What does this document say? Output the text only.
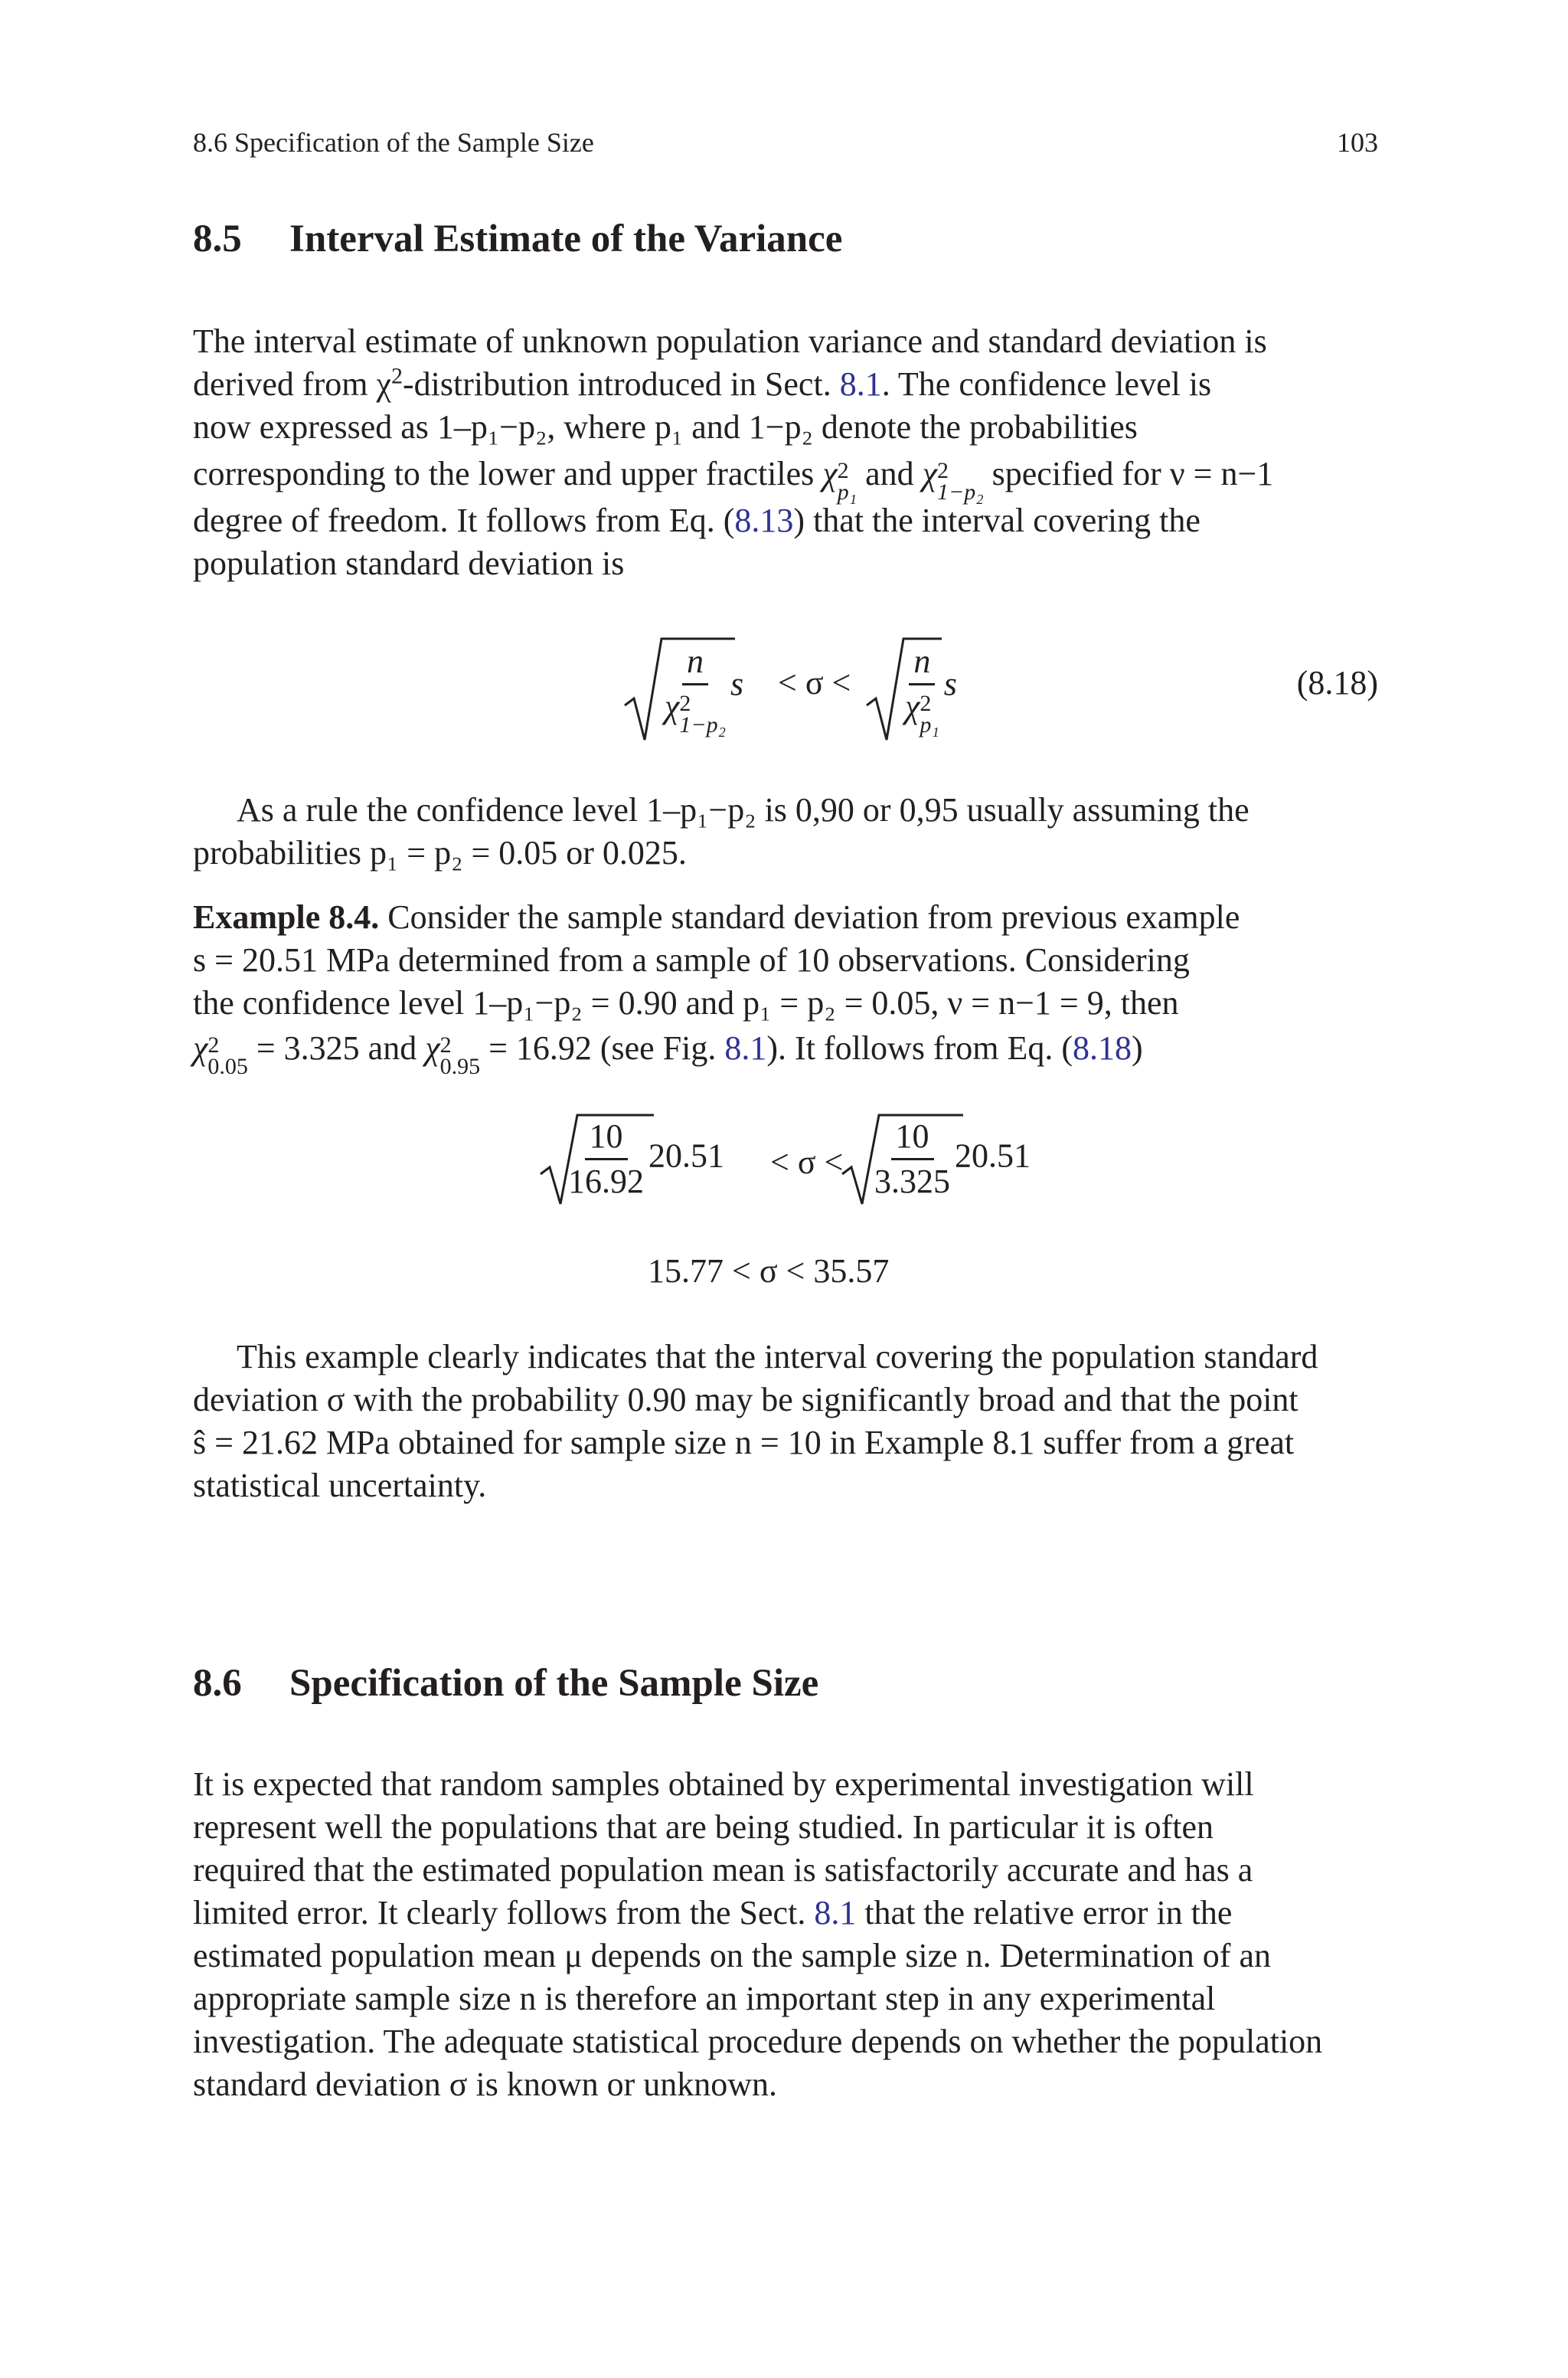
8.6 Specification of the Sample Size	103
8.5 Interval Estimate of the Variance
The interval estimate of unknown population variance and standard deviation is
derived from $\chi^2$-distribution introduced in Sect. 8.1. The confidence level is
now expressed as 1–p₁−p₂, where p₁ and 1−p₂ denote the probabilities
corresponding to the lower and upper fractiles χ 2
p₁ and χ 2
1−p₂ specified for ν = n−1
degree of freedom. It follows from Eq. (8.13) that the interval covering the
population standard deviation is
n
χ 2
1−p₂ s < σ < n
χ 2
p₁ s	(8.18)
As a rule the confidence level 1–p₁−p₂ is 0,90 or 0,95 usually assuming the
probabilities p₁ = p₂ = 0.05 or 0.025.
Example 8.4. Consider the sample standard deviation from previous example
s = 20.51 MPa determined from a sample of 10 observations. Considering
the confidence level 1–p₁−p₂ = 0.90 and p₁ = p₂ = 0.05, ν = n−1 = 9, then
χ 2
0.05 = 3.325 and χ 2
0.95 = 16.92 (see Fig. 8.1). It follows from Eq. (8.18)
$\frac{10}{16.92} 20.51 < \sigma < \frac{10}{3.325} 20.51$
15.77 < σ < 35.57
This example clearly indicates that the interval covering the population standard
deviation σ with the probability 0.90 may be significantly broad and that the point
ŝ = 21.62 MPa obtained for sample size n = 10 in Example 8.1 suffer from a great
statistical uncertainty.
8.6 Specification of the Sample Size
It is expected that random samples obtained by experimental investigation will
represent well the populations that are being studied. In particular it is often
required that the estimated population mean is satisfactorily accurate and has a
limited error. It clearly follows from the Sect. 8.1 that the relative error in the
estimated population mean μ depends on the sample size n. Determination of an
appropriate sample size n is therefore an important step in any experimental
investigation. The adequate statistical procedure depends on whether the population
standard deviation σ is known or unknown.
